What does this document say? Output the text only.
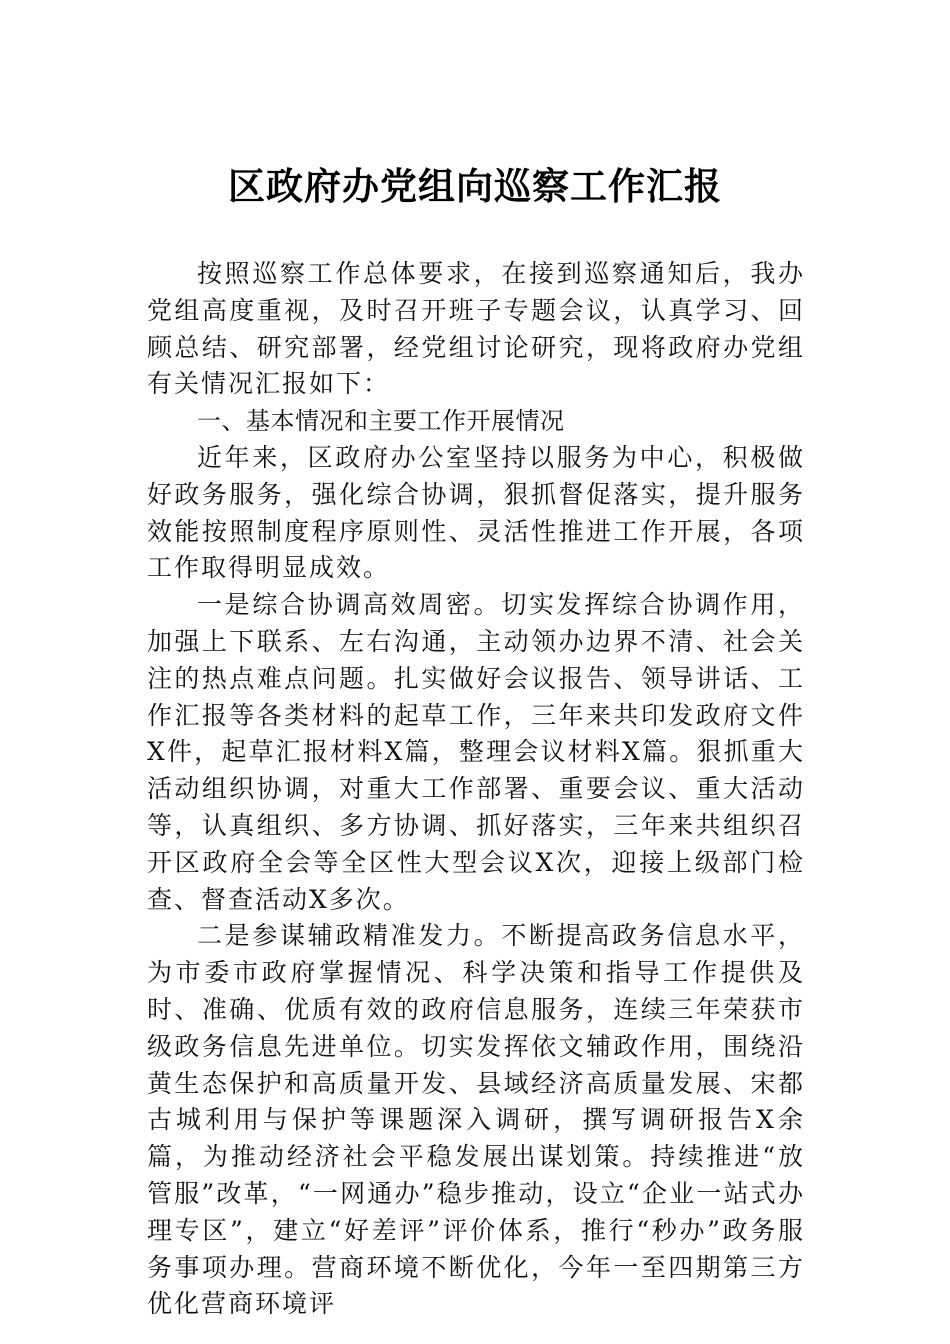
区政府办党组向巡察工作汇报

按照巡察工作总体要求，在接到巡察通知后，我办党组高度重视，及时召开班子专题会议，认真学习、回顾总结、研究部署，经党组讨论研究，现将政府办党组有关情况汇报如下：

一、基本情况和主要工作开展情况

近年来，区政府办公室坚持以服务为中心，积极做好政务服务，强化综合协调，狠抓督促落实，提升服务效能按照制度程序原则性、灵活性推进工作开展，各项工作取得明显成效。

一是综合协调高效周密。切实发挥综合协调作用，加强上下联系、左右沟通，主动领办边界不清、社会关注的热点难点问题。扎实做好会议报告、领导讲话、工作汇报等各类材料的起草工作，三年来共印发政府文件X件，起草汇报材料X篇，整理会议材料X篇。狠抓重大活动组织协调，对重大工作部署、重要会议、重大活动等，认真组织、多方协调、抓好落实，三年来共组织召开区政府全会等全区性大型会议X次，迎接上级部门检查、督查活动X多次。

二是参谋辅政精准发力。不断提高政务信息水平，为市委市政府掌握情况、科学决策和指导工作提供及时、准确、优质有效的政府信息服务，连续三年荣获市级政务信息先进单位。切实发挥依文辅政作用，围绕沿黄生态保护和高质量开发、县域经济高质量发展、宋都古城利用与保护等课题深入调研，撰写调研报告X余篇，为推动经济社会平稳发展出谋划策。持续推进“放管服”改革，“一网通办”稳步推动，设立“企业一站式办理专区”，建立“好差评”评价体系，推行“秒办”政务服务事项办理。营商环境不断优化，今年一至四期第三方优化营商环境评
